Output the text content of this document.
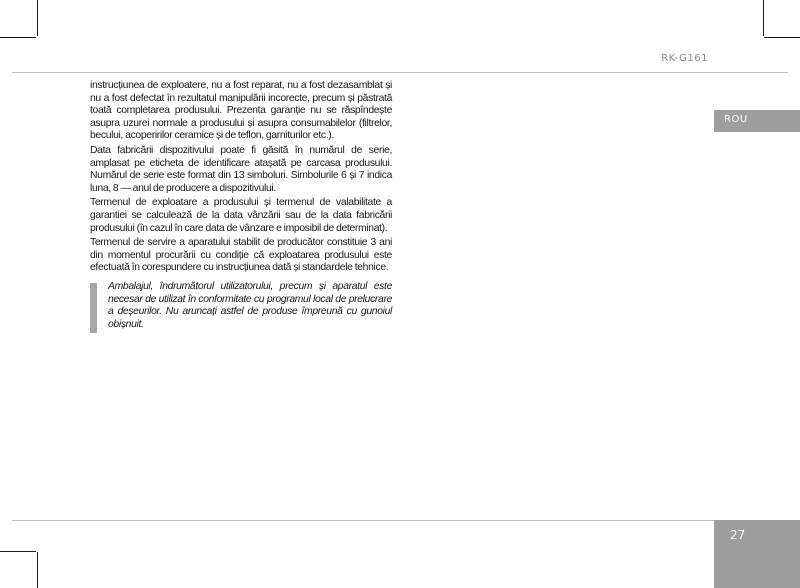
RK-G161
ROU

instrucțiunea de exploatere, nu a fost reparat, nu a fost dezasamblat și nu a fost defectat în rezultatul manipulării incorecte, precum și păstrată toată completarea produsului. Prezenta garanție nu se răspîndește asupra uzurei normale a produsului și asupra consumabilelor (filtrelor, becului, acoperirilor ceramice și de teflon, garniturilor etc.).

Data fabricării dispozitivului poate fi găsită în numărul de serie, amplasat pe eticheta de identificare atașată pe carcasa produsului. Numărul de serie este format din 13 simboluri. Simbolurile 6 și 7 indica luna, 8 — anul de producere a dispozitivului.

Termenul de exploatare a produsului și termenul de valabilitate a garantiei se calculează de la data vânzării sau de la data fabricării produsului (în cazul în care data de vânzare e imposibil de determinat).

Termenul de servire a aparatului stabilit de producător constituie 3 ani din momentul procurării cu condiție că exploatarea produsului este efectuată în corespundere cu instrucțiunea dată și standardele tehnice.

Ambalajul, îndrumătorul utilizatorului, precum și aparatul este necesar de utilizat în conformitate cu programul local de prelucrare a deșeurilor. Nu aruncați astfel de produse împreună cu gunoiul obișnuit.

27
